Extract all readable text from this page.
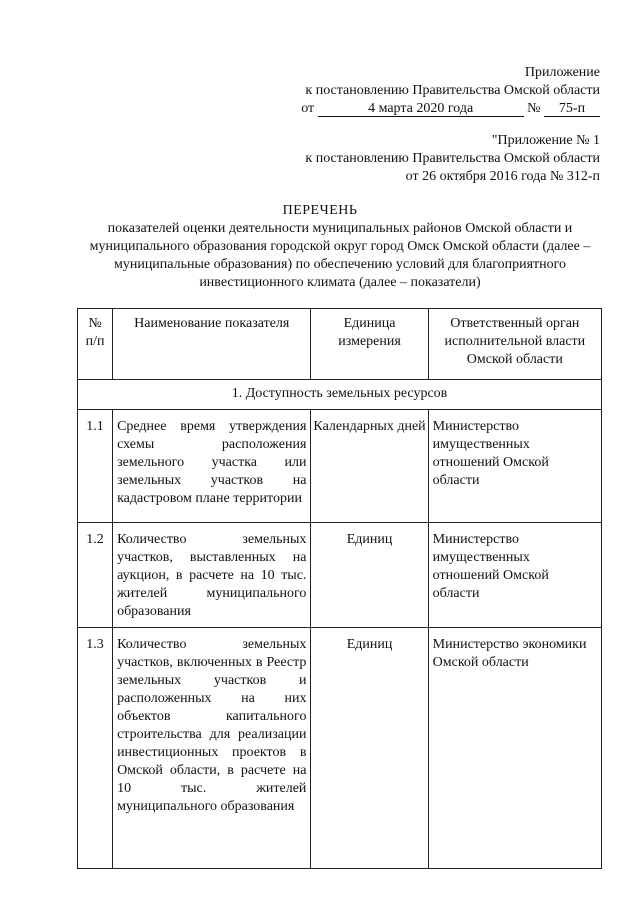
Приложение
к постановлению Правительства Омской области
от	4 марта 2020 года	№ 75-п
"Приложение № 1
к постановлению Правительства Омской области
от 26 октября 2016 года № 312-п
ПЕРЕЧЕНЬ
показателей оценки деятельности муниципальных районов Омской области и муниципального образования городской округ город Омск Омской области (далее – муниципальные образования) по обеспечению условий для благоприятного инвестиционного климата (далее – показатели)
№ п/п	Наименование показателя	Единица измерения	Ответственный орган исполнительной власти Омской области

1. Доступность земельных ресурсов			
1.1	Среднее время утверждения схемы расположения земельного участка или земельных участков на кадастровом плане территории	Календарных дней	Министерство имущественных отношений Омской области
1.2	Количество земельных участков, выставленных на аукцион, в расчете на 10 тыс. жителей муниципального образования	Единиц	Министерство имущественных отношений Омской области
1.3	Количество земельных участков, включенных в Реестр земельных участков и расположенных на них объектов капитального строительства для реализации инвестиционных проектов в Омской области, в расчете на 10 тыс. жителей муниципального образования	Единиц	Министерство экономики Омской области
